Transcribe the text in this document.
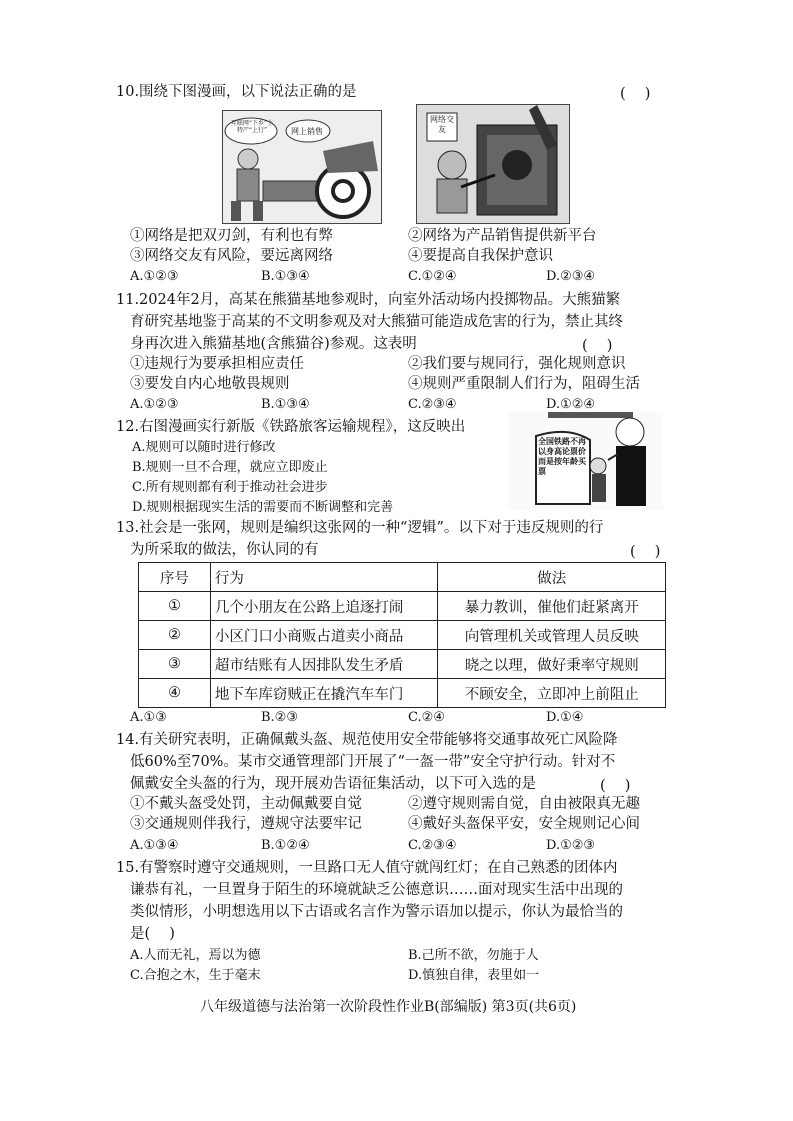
10.围绕下图漫画，以下说法正确的是	(　 )
互联网“下乡”土特产“上行”	网上销售
网络交友
①网络是把双刃剑，有利也有弊	②网络为产品销售提供新平台
③网络交友有风险，要远离网络	④要提高自我保护意识
A.①②③	B.①③④	C.①②④	D.②③④
11.2024年2月，高某在熊猫基地参观时，向室外活动场内投掷物品。大熊猫繁
育研究基地鉴于高某的不文明参观及对大熊猫可能造成危害的行为，禁止其终
身再次进入熊猫基地(含熊猫谷)参观。这表明	(　 )
①违规行为要承担相应责任	②我们要与规同行，强化规则意识
③要发自内心地敬畏规则	④规则严重限制人们行为，阻碍生活
A.①②③	B.①③④	C.②③④	D.①②④
12.右图漫画实行新版《铁路旅客运输规程》，这反映出
全国铁路不再以身高论票价而是按年龄买票
A.规则可以随时进行修改
B.规则一旦不合理，就应立即废止
C.所有规则都有利于推动社会进步
D.规则根据现实生活的需要而不断调整和完善
13.社会是一张网，规则是编织这张网的一种“逻辑”。以下对于违反规则的行
为所采取的做法，你认同的有	(　 )
序号	行为	做法
①	几个小朋友在公路上追逐打闹	暴力教训，催他们赶紧离开
②	小区门口小商贩占道卖小商品	向管理机关或管理人员反映
③	超市结账有人因排队发生矛盾	晓之以理，做好秉率守规则
④	地下车库窃贼正在撬汽车车门	不顾安全，立即冲上前阻止
A.①③	B.②③	C.②④	D.①④
14.有关研究表明，正确佩戴头盔、规范使用安全带能够将交通事故死亡风险降
低60%至70%。某市交通管理部门开展了“一盔一带”安全守护行动。针对不
佩戴安全头盔的行为，现开展劝告语征集活动，以下可入选的是	(　 )
①不戴头盔受处罚，主动佩戴要自觉	②遵守规则需自觉，自由被限真无趣
③交通规则伴我行，遵规守法要牢记	④戴好头盔保平安，安全规则记心间
A.①③④	B.①②④	C.②③④	D.①②③
15.有警察时遵守交通规则，一旦路口无人值守就闯红灯；在自己熟悉的团体内
谦恭有礼，一旦置身于陌生的环境就缺乏公德意识……面对现实生活中出现的
类似情形，小明想选用以下古语或名言作为警示语加以提示，你认为最恰当的
是(　 )
A.人而无礼，焉以为德	B.己所不欲，勿施于人
C.合抱之木，生于毫末	D.慎独自律，表里如一
八年级道德与法治第一次阶段性作业B(部编版) 第3页(共6页)
